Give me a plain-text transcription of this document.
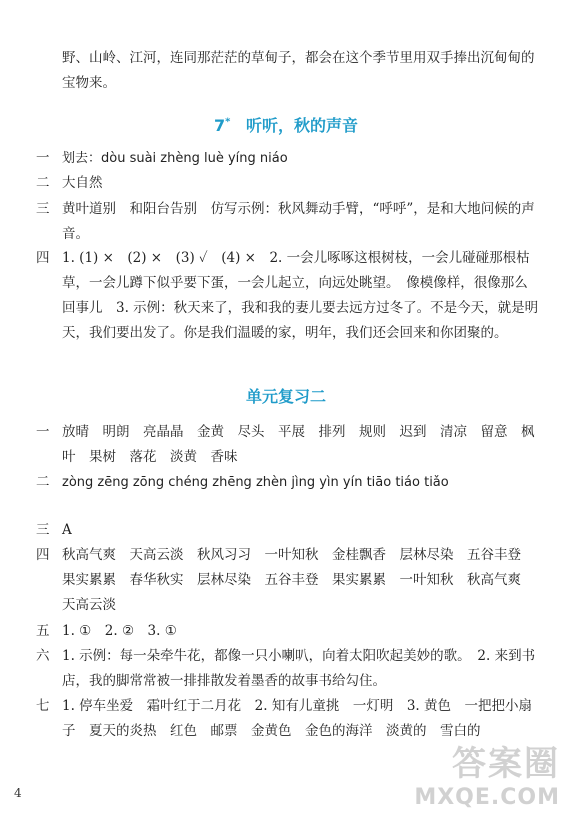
野、山岭、江河，连同那茫茫的草甸子，都会在这个季节里用双手捧出沉甸甸的
宝物来。
7* 听听，秋的声音
一 划去：dòu suài zhèng luè yíng niáo
二 大自然
三 黄叶道别　和阳台告别　仿写示例：秋风舞动手臂，“呼呼”，是和大地问候的声音。
四 1. (1) ×　(2) ×　(3) ✓　(4) ×　2. 一会儿啄啄这根树枝，一会儿碰碰那根枯草，一会儿蹲下似乎要下蛋，一会儿起立，向远处眺望。　像模像样，很像那么回事儿　3. 示例：秋天来了，我和我的妻儿要去远方过冬了。不是今天，就是明天，我们要出发了。你是我们温暖的家，明年，我们还会回来和你团聚的。
单元复习二
一 放晴　明朗　亮晶晶　金黄　尽头　平展　排列　规则　迟到　清凉　留意　枫叶　果树　落花　淡黄　香味
二 zòng zēng zōng chéng zhēng zhèn jìng yìn yín tiāo tiáo tiǎo
三 A
四 秋高气爽　天高云淡　秋风习习　一叶知秋　金桂飘香　层林尽染　五谷丰登　果实累累　春华秋实　层林尽染　五谷丰登　果实累累　一叶知秋　秋高气爽　天高云淡
五 1. ①　2. ②　3. ①
六 1. 示例：每一朵牵牛花，都像一只小喇叭，向着太阳吹起美妙的歌。　2. 来到书店，我的脚常常被一排排散发着墨香的故事书给勾住。
七 1. 停车坐爱　霜叶红于二月花　2. 知有儿童挑　一灯明　3. 黄色　一把把小扇子　夏天的炎热　红色　邮票　金黄色　金色的海洋　淡黄的　雪白的
4
答案圈
MXQE.COM
